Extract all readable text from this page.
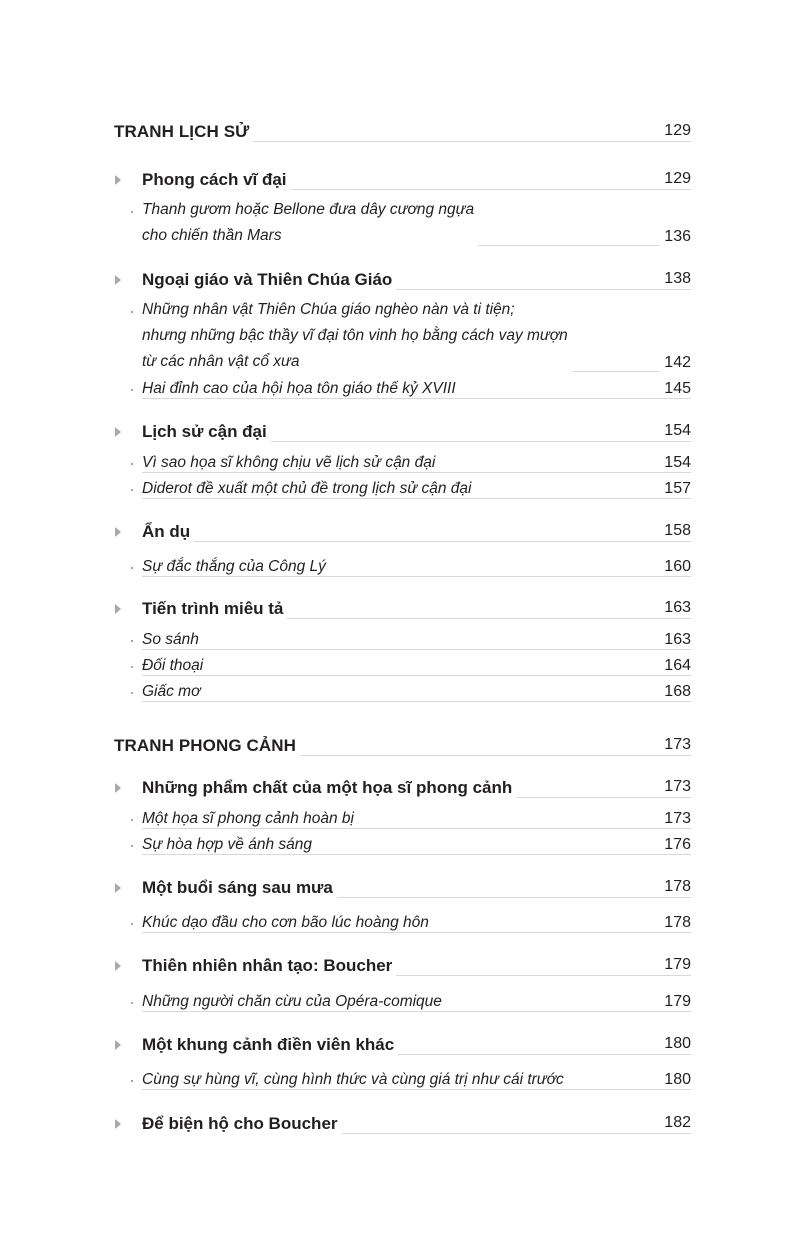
TRANH LỊCH SỬ	129
Phong cách vĩ đại	129
Thanh gươm hoặc Bellone đưa dây cương ngựa
cho chiến thần Mars	136
Ngoại giáo và Thiên Chúa Giáo	138
Những nhân vật Thiên Chúa giáo nghèo nàn và ti tiện;
nhưng những bậc thầy vĩ đại tôn vinh họ bằng cách vay mượn
từ các nhân vật cổ xưa	142
Hai đỉnh cao của hội họa tôn giáo thế kỷ XVIII	145
Lịch sử cận đại	154
Vì sao họa sĩ không chịu vẽ lịch sử cận đại	154
Diderot đề xuất một chủ đề trong lịch sử cận đại	157
Ẩn dụ	158
Sự đắc thắng của Công Lý	160
Tiến trình miêu tả	163
So sánh	163
Đối thoại	164
Giấc mơ	168
TRANH PHONG CẢNH	173
Những phẩm chất của một họa sĩ phong cảnh	173
Một họa sĩ phong cảnh hoàn bị	173
Sự hòa hợp về ánh sáng	176
Một buổi sáng sau mưa	178
Khúc dạo đầu cho cơn bão lúc hoàng hôn	178
Thiên nhiên nhân tạo: Boucher	179
Những người chăn cừu của Opéra-comique	179
Một khung cảnh điền viên khác	180
Cùng sự hùng vĩ, cùng hình thức và cùng giá trị như cái trước	180
Để biện hộ cho Boucher	182
